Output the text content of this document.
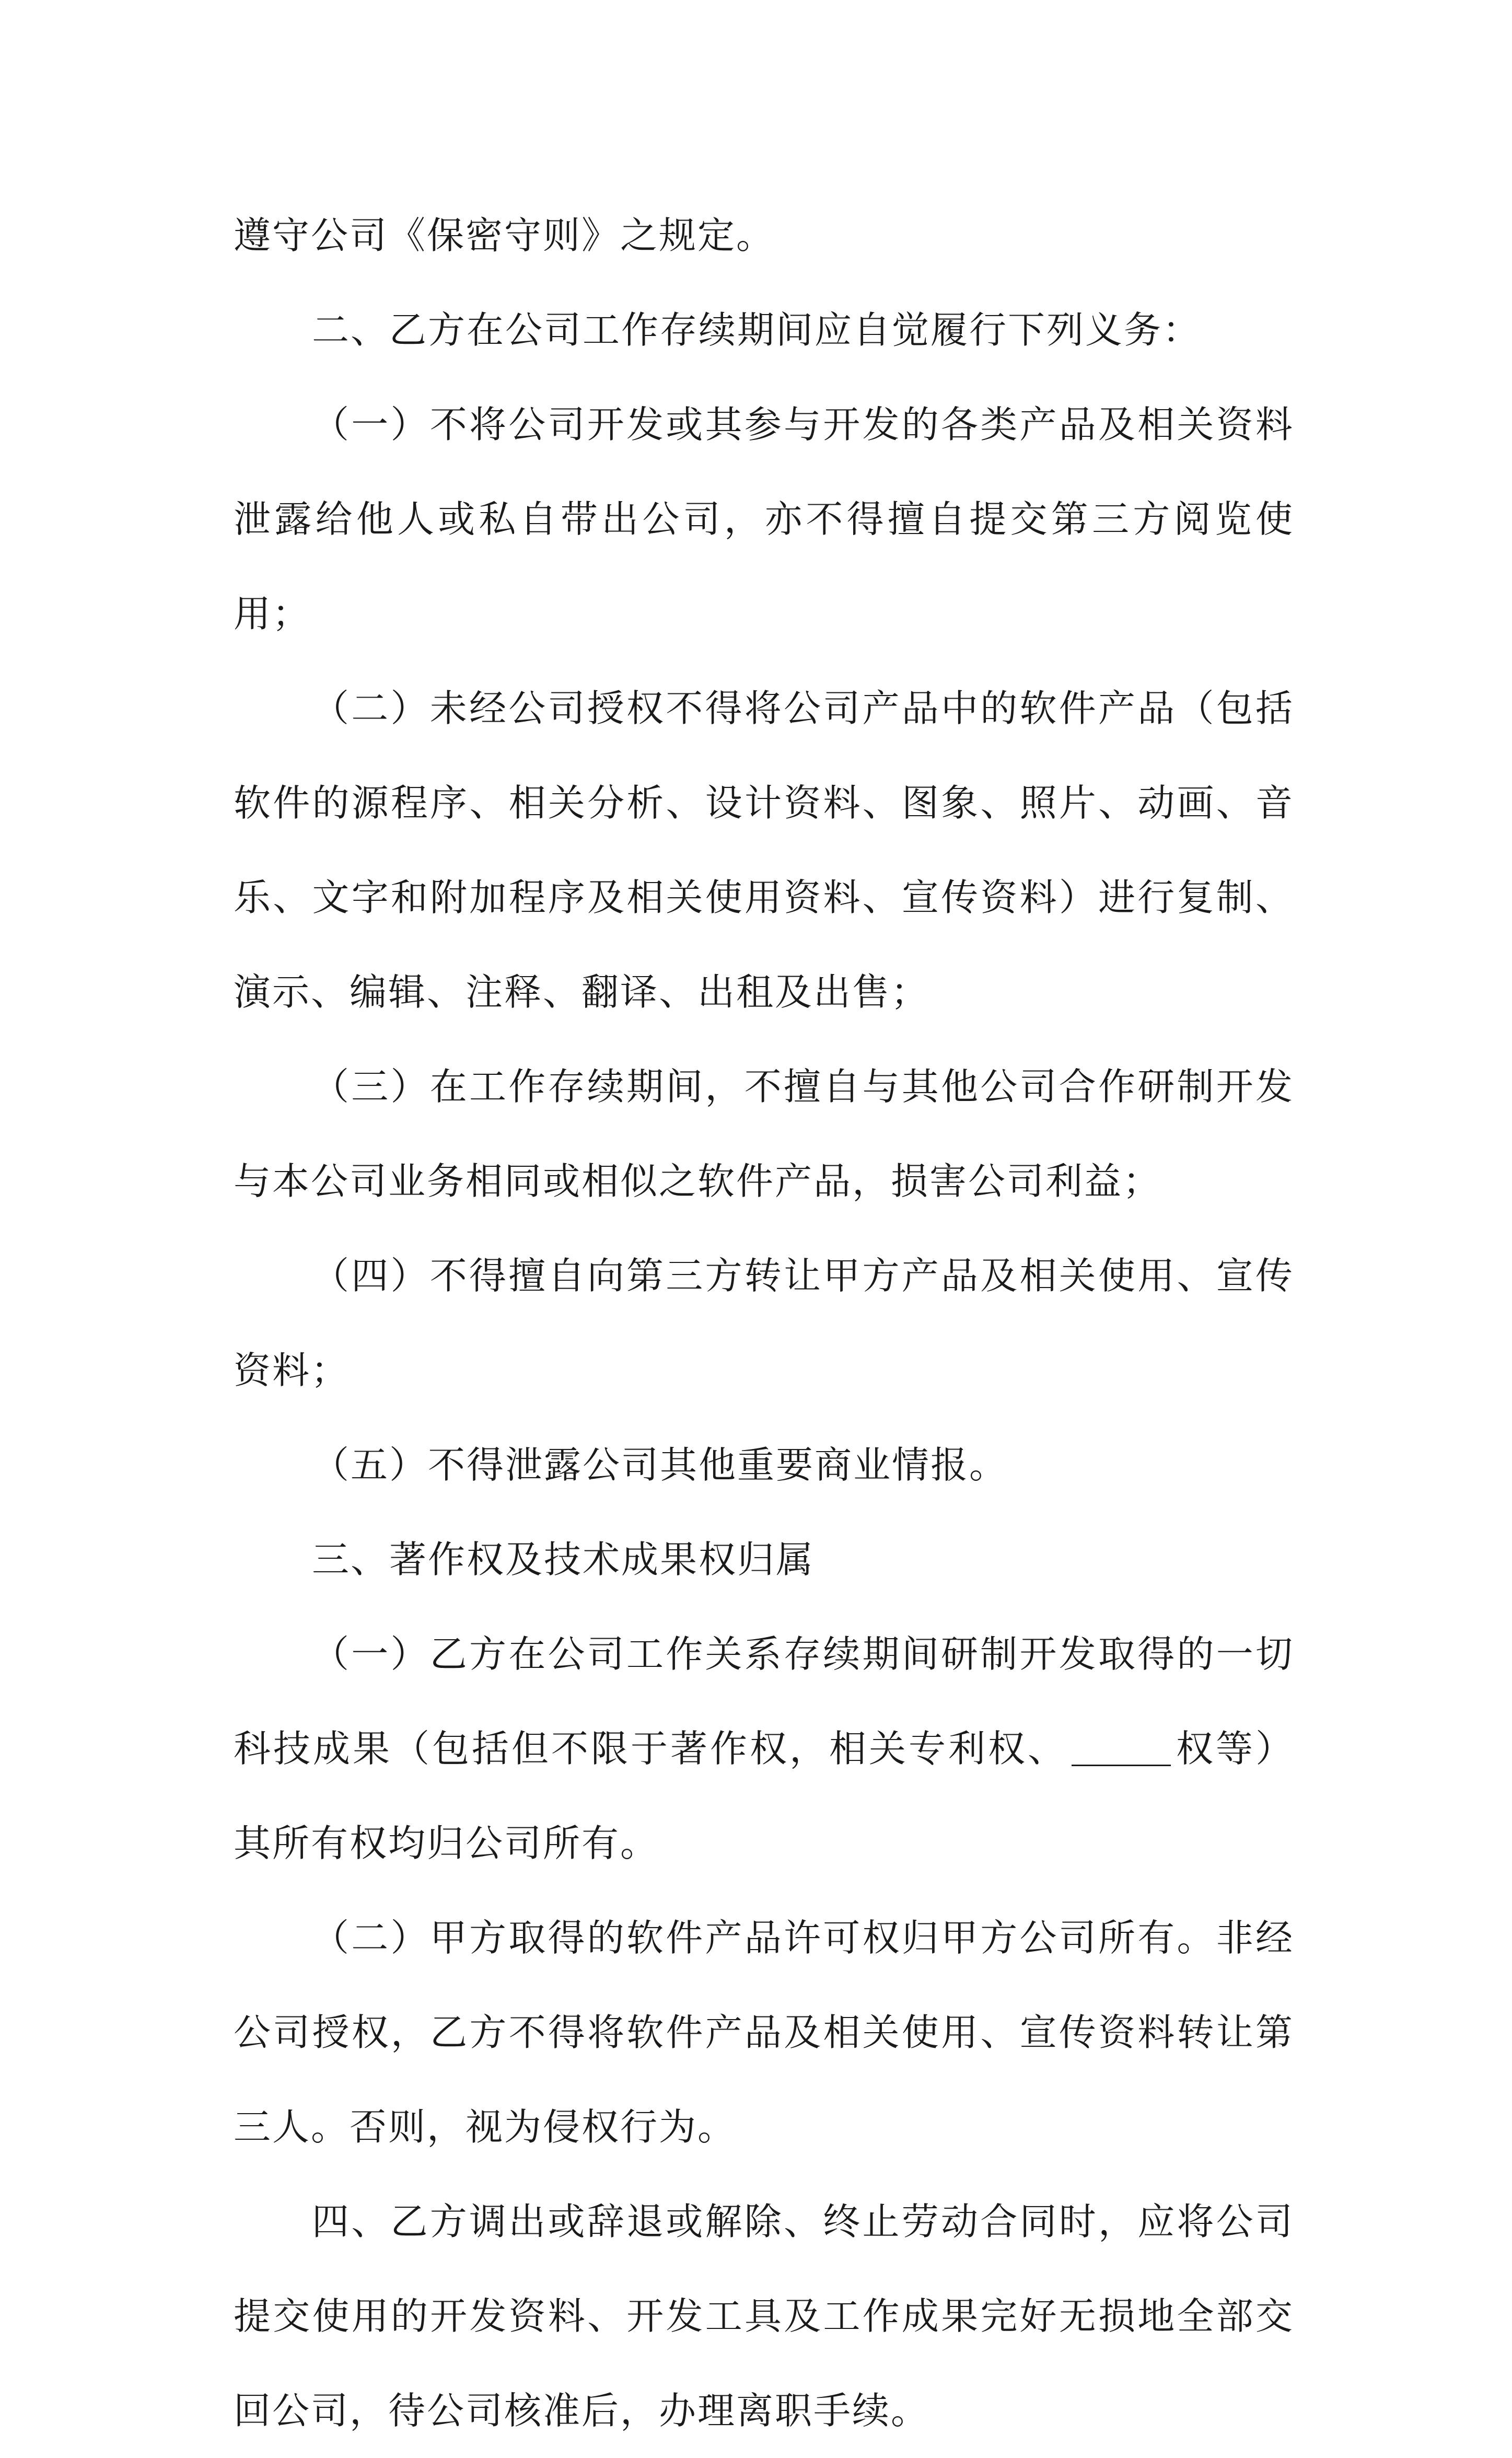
遵守公司《保密守则》之规定。

二、乙方在公司工作存续期间应自觉履行下列义务：

（一）不将公司开发或其参与开发的各类产品及相关资料泄露给他人或私自带出公司，亦不得擅自提交第三方阅览使用；

（二）未经公司授权不得将公司产品中的软件产品（包括软件的源程序、相关分析、设计资料、图象、照片、动画、音乐、文字和附加程序及相关使用资料、宣传资料）进行复制、演示、编辑、注释、翻译、出租及出售；

（三）在工作存续期间，不擅自与其他公司合作研制开发与本公司业务相同或相似之软件产品，损害公司利益；

（四）不得擅自向第三方转让甲方产品及相关使用、宣传资料；

（五）不得泄露公司其他重要商业情报。

三、著作权及技术成果权归属

（一）乙方在公司工作关系存续期间研制开发取得的一切科技成果（包括但不限于著作权，相关专利权、	权等）其所有权均归公司所有。

（二）甲方取得的软件产品许可权归甲方公司所有。非经公司授权，乙方不得将软件产品及相关使用、宣传资料转让第三人。否则，视为侵权行为。

四、乙方调出或辞退或解除、终止劳动合同时，应将公司提交使用的开发资料、开发工具及工作成果完好无损地全部交回公司，待公司核准后，办理离职手续。
